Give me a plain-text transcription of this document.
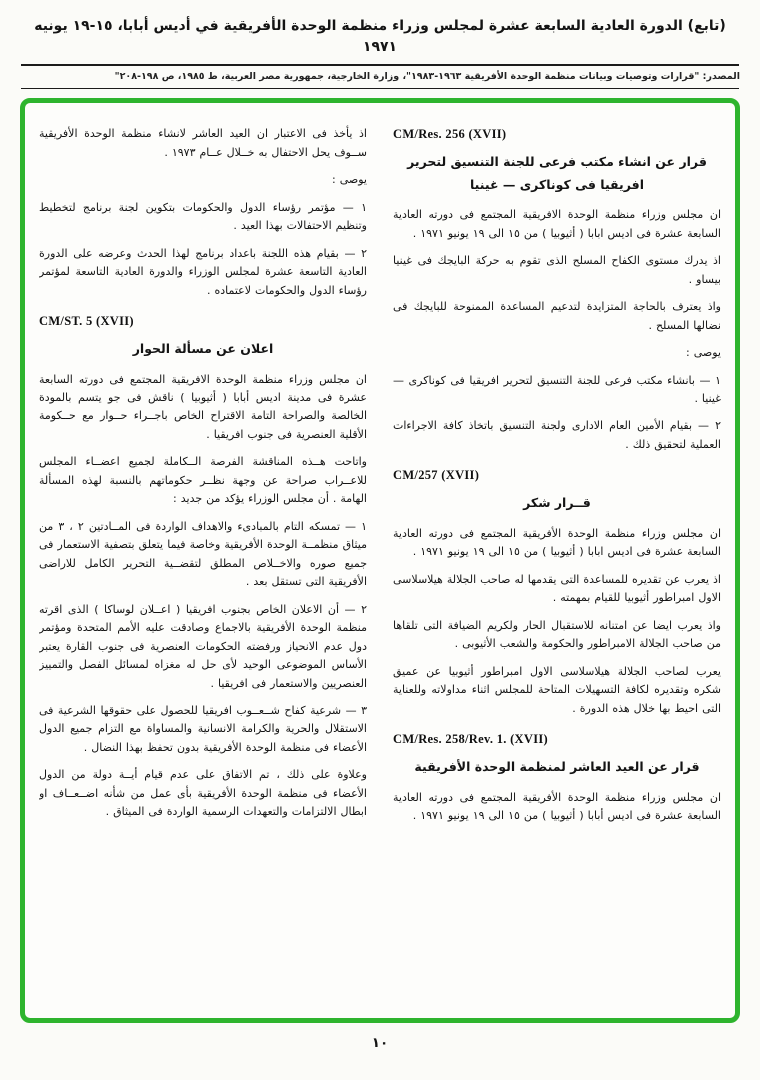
(تابع) الدورة العادية السابعة عشرة لمجلس وزراء منظمة الوحدة الأفريقية في أديس أبابا، ١٥-١٩ يونيه ١٩٧١
المصدر: "قرارات وتوصيات وبيانات منظمة الوحدة الأفريقية ١٩٦٣-١٩٨٣"، وزارة الخارجية، جمهورية مصر العربية، ط ١٩٨٥، ص ١٩٨-٢٠٨"
CM/Res. 256 (XVII)
قرار عن انشاء مكتب فرعى للجنة التنسيق لتحرير افريقيا فى كوناكرى — غينيا
ان مجلس وزراء منظمة الوحدة الافريقية المجتمع فى دورته العادية السابعة عشرة فى اديس ابابا ( أثيوبيا ) من ١٥ الى ١٩ يونيو ١٩٧١ .
اذ يدرك مستوى الكفاح المسلح الذى تقوم به حركة البايجك فى غينيا بيساو .
واذ يعترف بالحاجة المتزايدة لتدعيم المساعدة الممنوحة للبايجك فى نضالها المسلح .
يوصى :
١ — بانشاء مكتب فرعى للجنة التنسيق لتحرير افريقيا فى كوناكرى — غينيا .
٢ — بقيام الأمين العام الادارى ولجنة التنسيق باتخاذ كافة الاجراءات العملية لتحقيق ذلك .
CM/257 (XVII)
قــرار شكر
ان مجلس وزراء منظمة الوحدة الأفريقية المجتمع فى دورته العادية السابعة عشرة فى اديس ابابا ( أثيوبيا ) من ١٥ الى ١٩ يونيو ١٩٧١ .
اذ يعرب عن تقديره للمساعدة التى يقدمها له صاحب الجلالة هيلاسلاسى الاول امبراطور أثيوبيا للقيام بمهمته .
واذ يعرب ايضا عن امتنانه للاستقبال الحار ولكريم الضيافة التى تلقاها من صاحب الجلالة الامبراطور والحكومة والشعب الأثيوبى .
يعرب لصاحب الجلالة هيلاسلاسى الاول امبراطور أثيوبيا عن عميق شكره وتقديره لكافة التسهيلات المتاحة للمجلس اثناء مداولاته وللعناية التى احيط بها خلال هذه الدورة .
CM/Res. 258/Rev. 1. (XVII)
قرار عن العيد العاشر لمنظمة الوحدة الأفريقية
ان مجلس وزراء منظمة الوحدة الأفريقية المجتمع فى دورته العادية السابعة عشرة فى اديس أبابا ( أثيوبيا ) من ١٥ الى ١٩ يونيو ١٩٧١ .
اذ يأخذ فى الاعتبار ان العيد العاشر لانشاء منظمة الوحدة الأفريقية ســوف يحل الاحتفال به خــلال عــام ١٩٧٣ .
يوصى :
١ — مؤتمر رؤساء الدول والحكومات بتكوين لجنة برنامج لتخطيط وتنظيم الاحتفالات بهذا العيد .
٢ — بقيام هذه اللجنة باعداد برنامج لهذا الحدث وعرضه على الدورة العادية التاسعة عشرة لمجلس الوزراء والدورة العادية التاسعة لمؤتمر رؤساء الدول والحكومات لاعتماده .
CM/ST. 5 (XVII)
اعلان عن مسألة الحوار
ان مجلس وزراء منظمة الوحدة الافريقية المجتمع فى دورته السابعة عشرة فى مدينة اديس أبابا ( أثيوبيا ) ناقش فى جو يتسم بالمودة الخالصة والصراحة التامة الاقتراح الخاص باجــراء حــوار مع حــكومة الأقلية العنصرية فى جنوب افريقيا .
واتاحت هــذه المناقشة الفرصة الــكاملة لجميع اعضــاء المجلس للاعــراب صراحة عن وجهة نظــر حكوماتهم بالنسبة لهذه المسألة الهامة . أن مجلس الوزراء يؤكد من جديد :
١ — تمسكه التام بالمبادىء والاهداف الواردة فى المــادتين ٢ ، ٣ من ميثاق منظمــة الوحدة الأفريقية وخاصة فيما يتعلق بتصفية الاستعمار فى جميع صوره والاخــلاص المطلق لتقضــية التحرير الكامل للاراضى الأفريقية التى تستقل بعد .
٢ — أن الاعلان الخاص بجنوب افريقيا ( اعــلان لوساكا ) الذى اقرته منظمة الوحدة الأفريقية بالاجماع وصادقت عليه الأمم المتحدة ومؤتمر دول عدم الانحياز ورفضته الحكومات العنصرية فى جنوب القارة يعتبر الأساس الموضوعى الوحيد لأى حل له مغزاه لمسائل الفصل والتمييز العنصريين والاستعمار فى افريقيا .
٣ — شرعية كفاح شــعــوب افريقيا للحصول على حقوقها الشرعية فى الاستقلال والحرية والكرامة الانسانية والمساواة مع التزام جميع الدول الأعضاء فى منظمة الوحدة الأفريقية بدون تحفظ بهذا النضال .
وعلاوة على ذلك ، تم الاتفاق على عدم قيام أيــة دولة من الدول الأعضاء فى منظمة الوحدة الأفريقية بأى عمل من شأنه اضــعــاف او ابطال الالتزامات والتعهدات الرسمية الواردة فى الميثاق .
١٠
